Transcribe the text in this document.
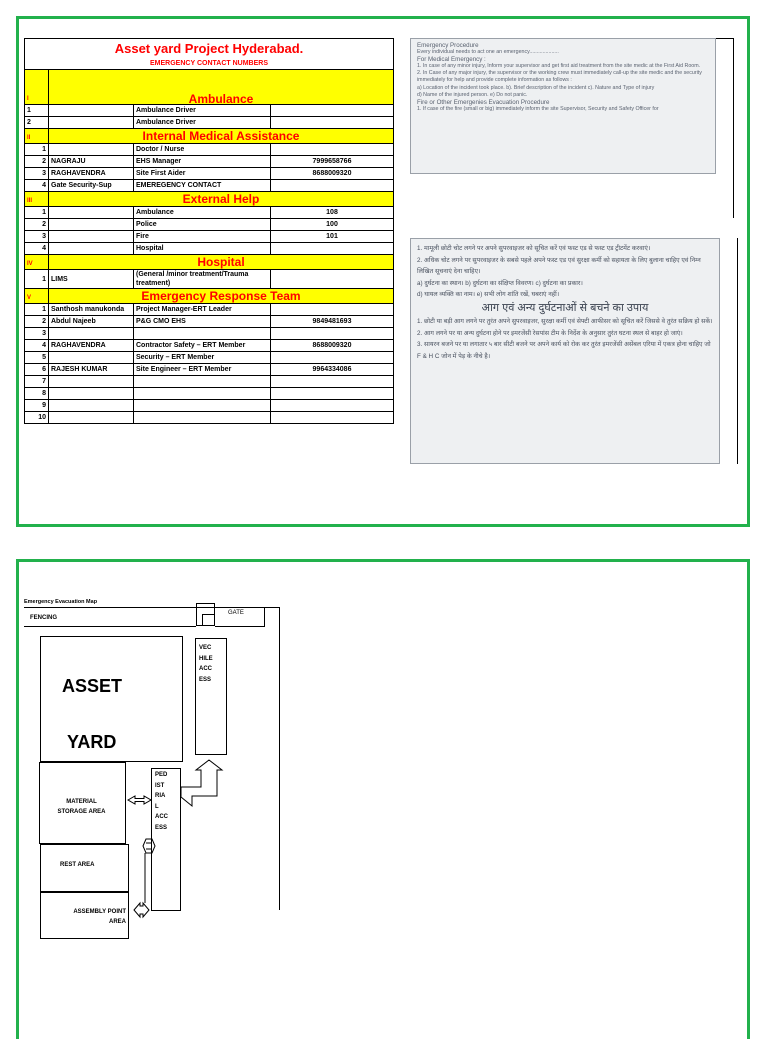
Asset yard Project Hyderabad.			
EMERGENCY CONTACT NUMBERS			
I	Ambulance		
1		Ambulance Driver	
2		Ambulance Driver	
II	Internal Medical Assistance		
1		Doctor / Nurse	
2	NAGRAJU	EHS Manager	7999658766
3	RAGHAVENDRA	Site First Aider	8688009320
4	Gate Security-Sup	EMEREGENCY CONTACT	
III	External Help		
1		Ambulance	108
2		Police	100
3		Fire	101
4		Hospital	
IV	Hospital		
1	LIMS	(General /minor treatment/Trauma treatment)	
V	Emergency Response Team		
1	Santhosh manukonda	Project Manager-ERT Leader	
2	Abdul Najeeb	P&G CMO EHS	9849481693
3			
4	RAGHAVENDRA	Contractor Safety – ERT Member	8688009320
5		Security – ERT Member	
6	RAJESH KUMAR	Site Engineer – ERT Member	9964334086
7			
8			
9			
10			
Emergency Procedure
Every individual needs to act one an emergency....................
For Medical Emergency :
1. In case of any minor injury, Inform your supervisor and get first aid treatment from the site medic at the First Aid Room.
2. In Case of any major injury, the supervisor or the working crew must immediately call-up the site medic and the security immediately for help and provide complete information as follows :
a) Location of the incident took place. b). Brief description of the incident c). Nature and Type of injury
d) Name of the injured person. e) Do not panic.
Fire or Other Emergenies Evacuation Procedure
1. If case of the fire (small or big) immediately inform the site Supervisor, Security and Safety Officer for
1. मामूली छोटी चोट लगने पर अपने सुपरवाइजर को सूचित करें एवं फस्ट एड से फस्ट एड ट्रीटमेंट करवाएं।
2. अधिक चोट लगने पर सुपरवाइजर के सबसे पहले अपने फस्ट एड एवं सुरक्षा कर्मी को सहायता के लिए बुलाना चाहिए एवं निम्न लिखित सूचनाएं देना चाहिए।
a) दुर्घटना का स्थान। b) दुर्घटना का संक्षिप्त विवरण। c) दुर्घटना का प्रकार।
d) घायल व्यक्ति का नाम। e) सभी लोग शांति रखें, घबराएं नहीं।
आग एवं अन्य दुर्घटनाओं से बचने का उपाय
1. छोटी या बड़ी आग लगने पर तुरंत अपने सुपरवाइजर, सुरक्षा कर्मी एवं सेफ्टी आफीसर को सूचित करें जिससे वे तुरंत सक्रिय हो सकें।
2. आग लगने पर या अन्य दुर्घटना होने पर इमरजेंसी रेसपांस टीम के निर्देश के अनुसार तुरंत घटना स्थल से बाहर हो जाएं।
3. सायरन बजने पर या लगातार ५ बार सीटी बजने पर अपने कार्य को रोक कर तुरंत इमरजेंसी असेंबल एरिया में एकत्र होना चाहिए जो F & H C जोन में पेड़ के नीचे है।
Emergency Evacuation Map
FENCING
GATE
ASSET
YARD
VEC
HILE
ACC
ESS
MATERIAL
STORAGE AREA
PED
IST
RIA
L
ACC
ESS
REST AREA
ASSEMBLY POINT
AREA
